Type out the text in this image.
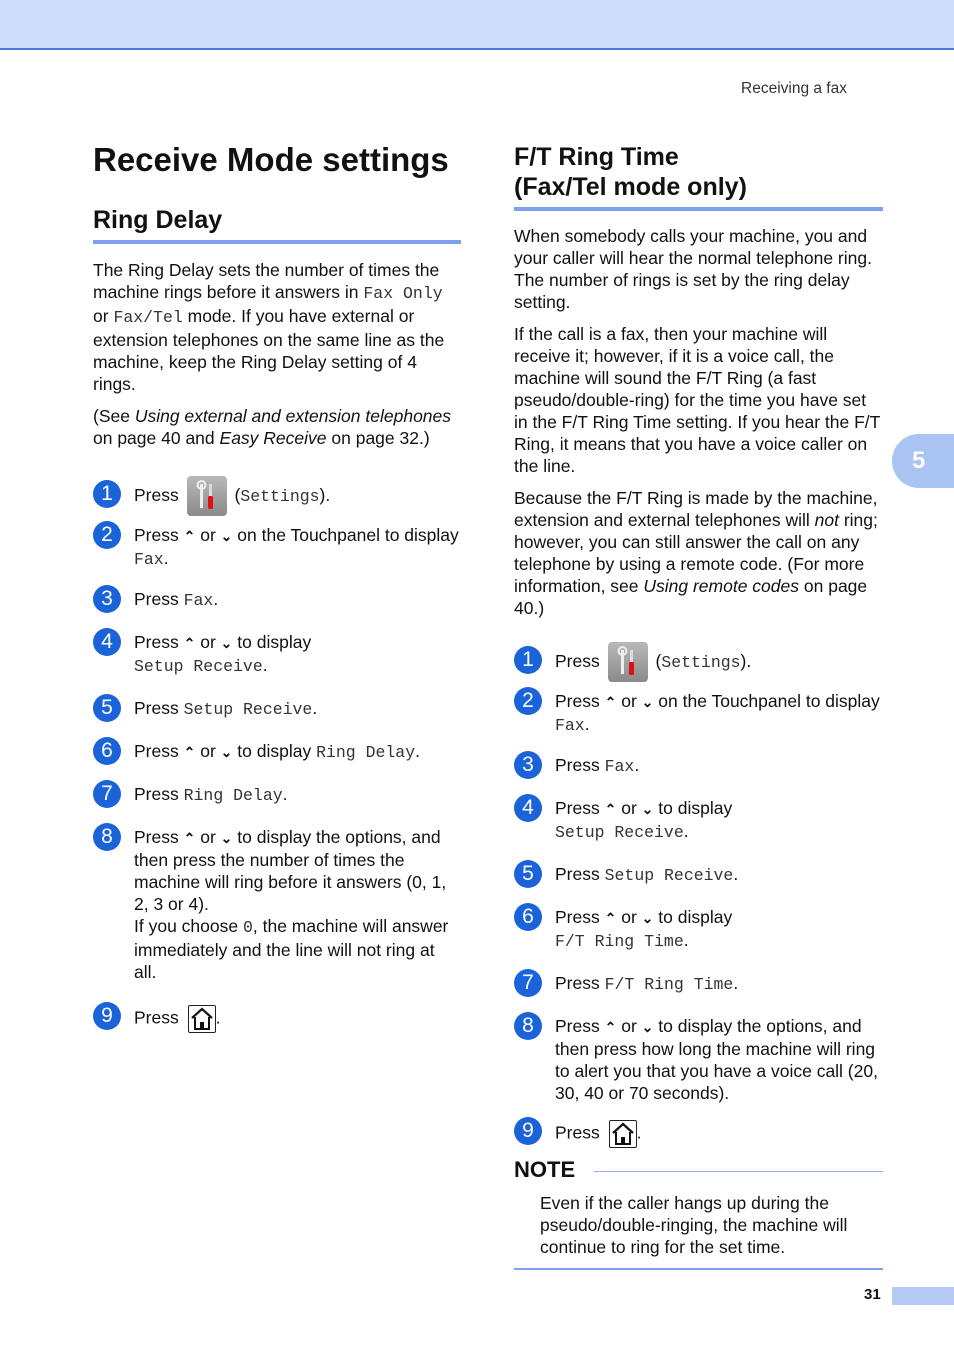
Receiving a fax
5
Receive Mode settings
Ring Delay

The Ring Delay sets the number of times the machine rings before it answers in Fax Only or Fax/Tel mode. If you have external or extension telephones on the same line as the machine, keep the Ring Delay setting of 4 rings.

(See Using external and extension telephones on page 40 and Easy Receive on page 32.)

1	Press	(Settings).
2	Press ⌃ or ⌄ on the Touchpanel to display Fax.
3	Press Fax.
4	Press ⌃ or ⌄ to display
Setup Receive.
5	Press Setup Receive.
6	Press ⌃ or ⌄ to display Ring Delay.
7	Press Ring Delay.
8	Press ⌃ or ⌄ to display the options, and then press the number of times the machine will ring before it answers (0, 1, 2, 3 or 4).
If you choose 0, the machine will answer immediately and the line will not ring at all.
9	Press .
F/T Ring Time
(Fax/Tel mode only)

When somebody calls your machine, you and your caller will hear the normal telephone ring. The number of rings is set by the ring delay setting.

If the call is a fax, then your machine will receive it; however, if it is a voice call, the machine will sound the F/T Ring (a fast pseudo/double-ring) for the time you have set in the F/T Ring Time setting. If you hear the F/T Ring, it means that you have a voice caller on the line.

Because the F/T Ring is made by the machine, extension and external telephones will not ring; however, you can still answer the call on any telephone by using a remote code. (For more information, see Using remote codes on page 40.)

1	Press	(Settings).
2	Press ⌃ or ⌄ on the Touchpanel to display Fax.
3	Press Fax.
4	Press ⌃ or ⌄ to display
Setup Receive.
5	Press Setup Receive.
6	Press ⌃ or ⌄ to display
F/T Ring Time.
7	Press F/T Ring Time.
8	Press ⌃ or ⌄ to display the options, and then press how long the machine will ring to alert you that you have a voice call (20, 30, 40 or 70 seconds).
9	Press .
NOTE
Even if the caller hangs up during the pseudo/double-ringing, the machine will continue to ring for the set time.
31
